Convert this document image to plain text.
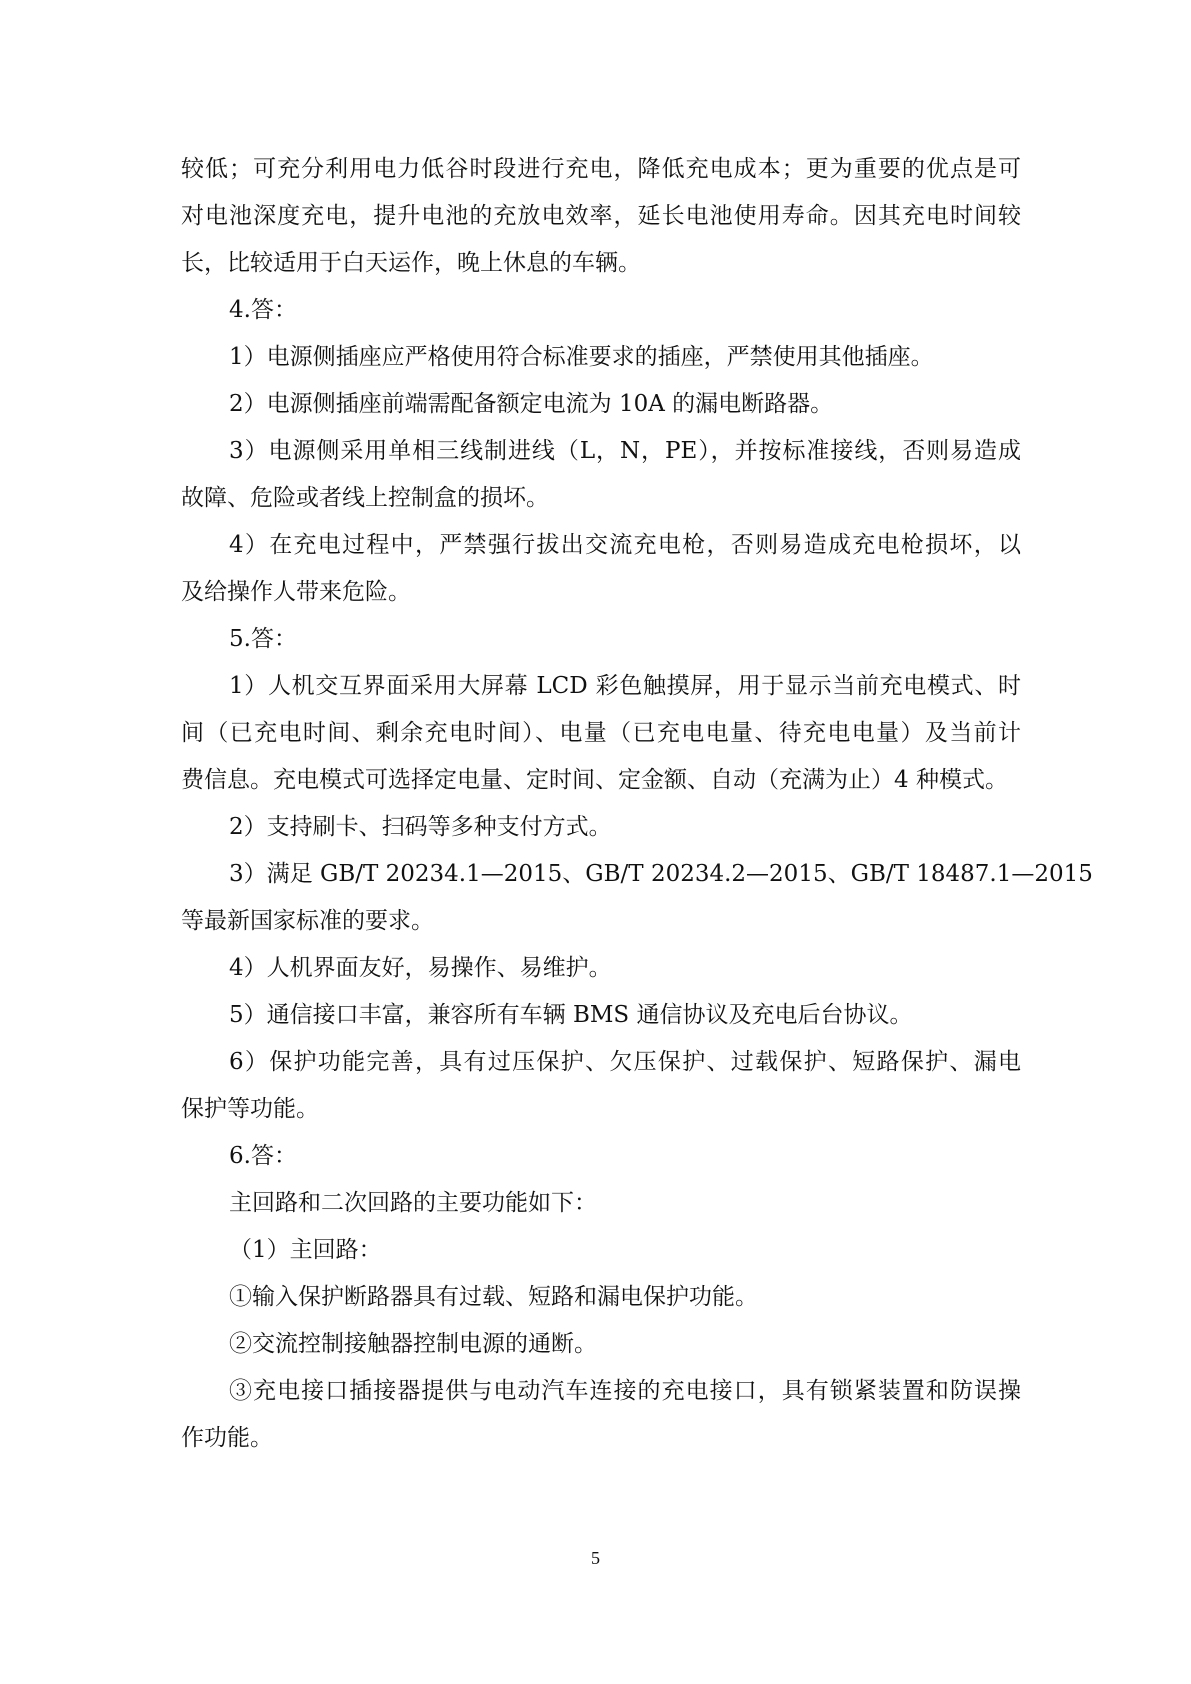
较低；可充分利用电力低谷时段进行充电，降低充电成本；更为重要的优点是可
对电池深度充电，提升电池的充放电效率，延长电池使用寿命。因其充电时间较
长，比较适用于白天运作，晚上休息的车辆。
4.答：
1）电源侧插座应严格使用符合标准要求的插座，严禁使用其他插座。
2）电源侧插座前端需配备额定电流为 10A 的漏电断路器。
3）电源侧采用单相三线制进线（L，N，PE），并按标准接线，否则易造成
故障、危险或者线上控制盒的损坏。
4）在充电过程中，严禁强行拔出交流充电枪，否则易造成充电枪损坏，以
及给操作人带来危险。
5.答：
1）人机交互界面采用大屏幕 LCD 彩色触摸屏，用于显示当前充电模式、时
间（已充电时间、剩余充电时间）、电量（已充电电量、待充电电量）及当前计
费信息。充电模式可选择定电量、定时间、定金额、自动（充满为止）4 种模式。
2）支持刷卡、扫码等多种支付方式。
3）满足 GB/T 20234.1—2015、GB/T 20234.2—2015、GB/T 18487.1—2015
等最新国家标准的要求。
4）人机界面友好，易操作、易维护。
5）通信接口丰富，兼容所有车辆 BMS 通信协议及充电后台协议。
6）保护功能完善，具有过压保护、欠压保护、过载保护、短路保护、漏电
保护等功能。
6.答：
主回路和二次回路的主要功能如下：
（1）主回路：
①输入保护断路器具有过载、短路和漏电保护功能。
②交流控制接触器控制电源的通断。
③充电接口插接器提供与电动汽车连接的充电接口，具有锁紧装置和防误操
作功能。
5
